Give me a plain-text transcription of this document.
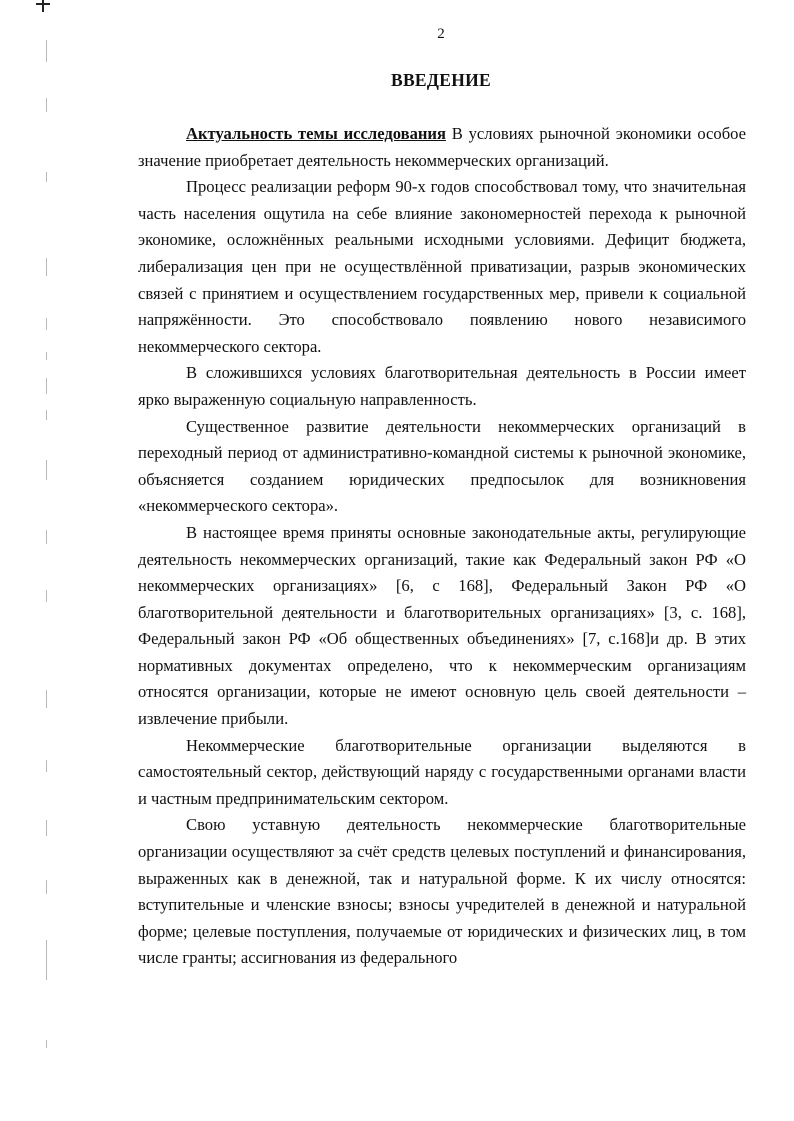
2
ВВЕДЕНИЕ

Актуальность темы исследования В условиях рыночной экономики особое значение приобретает деятельность некоммерческих организаций.

Процесс реализации реформ 90-х годов способствовал тому, что значительная часть населения ощутила на себе влияние закономерностей перехода к рыночной экономике, осложнённых реальными исходными условиями. Дефицит бюджета, либерализация цен при не осуществлённой приватизации, разрыв экономических связей с принятием и осуществлением государственных мер, привели к социальной напряжённости. Это способствовало появлению нового независимого некоммерческого сектора.

В сложившихся условиях благотворительная деятельность в России имеет ярко выраженную социальную направленность.

Существенное развитие деятельности некоммерческих организаций в переходный период от административно-командной системы к рыночной экономике, объясняется созданием юридических предпосылок для возникновения «некоммерческого сектора».

В настоящее время приняты основные законодательные акты, регулирующие деятельность некоммерческих организаций, такие как Федеральный закон РФ «О некоммерческих организациях» [6, с 168], Федеральный Закон РФ «О благотворительной деятельности и благотворительных организациях» [3, с. 168], Федеральный закон РФ «Об общественных объединениях» [7, с.168]и др. В этих нормативных документах определено, что к некоммерческим организациям относятся организации, которые не имеют основную цель своей деятельности – извлечение прибыли.

Некоммерческие благотворительные организации выделяются в самостоятельный сектор, действующий наряду с государственными органами власти и частным предпринимательским сектором.

Свою уставную деятельность некоммерческие благотворительные организации осуществляют за счёт средств целевых поступлений и финансирования, выраженных как в денежной, так и натуральной форме. К их числу относятся: вступительные и членские взносы; взносы учредителей в денежной и натуральной форме; целевые поступления, получаемые от юридических и физических лиц, в том числе гранты; ассигнования из федерального
